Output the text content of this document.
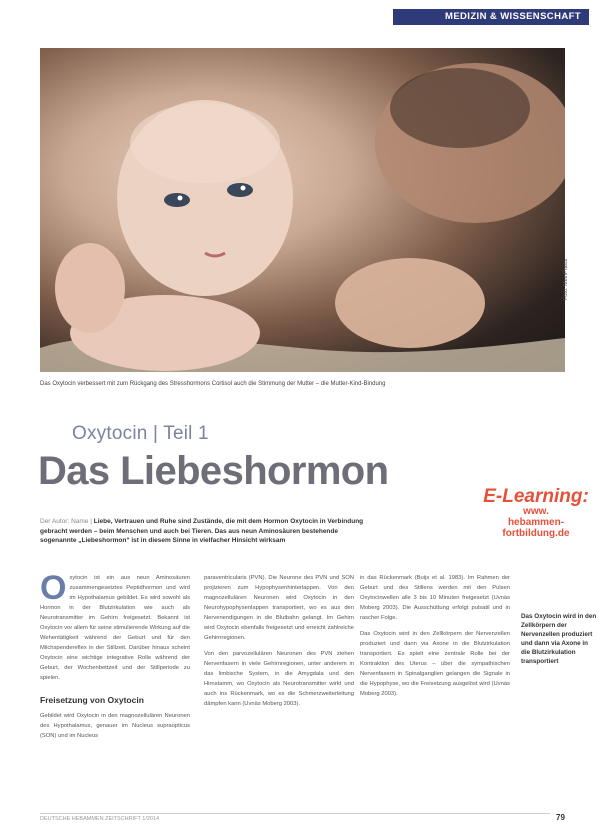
MEDIZIN & WISSENSCHAFT
Foto: MeinPraxis
Das Oxytocin verbessert mit zum Rückgang des Stresshormons Cortisol auch die Stimmung der Mutter – die Mutter-Kind-Bindung
Oxytocin | Teil 1
Das Liebeshormon
E-Learning:
www.
hebammen-
fortbildung.de
Der Autor: Name | Liebe, Vertrauen und Ruhe sind Zustände, die mit dem Hormon Oxytocin in Verbindung gebracht werden – beim Menschen und auch bei Tieren. Das aus neun Aminosäuren bestehende sogenannte „Liebeshormon“ ist in diesem Sinne in vielfacher Hinsicht wirksam
O xytocin ist ein aus neun Aminosäuren zusammengesetztes Peptidhormon und wird im Hypothalamus gebildet. Es wird sowohl als Hormon in der Blutzirkulation wie auch als Neurotransmitter im Gehirn freigesetzt. Bekannt ist Oxytocin vor allem für seine stimulierende Wirkung auf die Wehentätigkeit während der Geburt und für den Milchspendereflex in der Stillzeit. Darüber hinaus scheint Oxytocin eine wichtige integrative Rolle während der Geburt, der Wochenbettzeit und der Stillperiode zu spielen.
Freisetzung von Oxytocin
Gebildet wird Oxytocin in den magnozellulären Neuronen des Hypothalamus, genauer im Nucleus supraopticus (SON) und im Nucleus
paraventricularis (PVN). Die Neurone des PVN und SON projizieren zum Hypophysenhinterlappen. Von den magnozellulären Neuronen wird Oxytocin in den Neurohypophysenlappen transportiert, wo es aus den Nervenendigungen in die Blutbahn gelangt. Im Gehirn wird Oxytocin ebenfalls freigesetzt und erreicht zahlreiche Gehirnregionen.
Von den parvozellulären Neuronen des PVN ziehen Nervenfasern in viele Gehirnregionen, unter anderem in das limbische System, in die Amygdala und den Hirnstamm, wo Oxytocin als Neurotransmitter wirkt und auch ins Rückenmark, wo es die Schmerzweiterleitung dämpfen kann (Uvnäs Moberg 2003).
in das Rückenmark (Buijs et al. 1983). Im Rahmen der Geburt und des Stillens werden mit den Pulsen Oxytocinwellen alle 3 bis 10 Minuten freigesetzt (Uvnäs Moberg 2003). Die Ausschüttung erfolgt pulsatil und in rascher Folge.
Das Oxytocin wird in den Zellkörpern der Nervenzellen produziert und dann via Axone in die Blutzirkulation transportiert. Es spielt eine zentrale Rolle bei der Kontraktion des Uterus – über die sympathischen Nervenfasern in Spinalganglien gelangen die Signale in die Hypophyse, wo die Freisetzung ausgelöst wird (Uvnäs Moberg 2003).
Das Oxytocin wird in den Zellkörpern der Nervenzellen produziert und dann via Axone in die Blutzirkulation transportiert
DEUTSCHE HEBAMMEN ZEITSCHRIFT 1/2014	79
